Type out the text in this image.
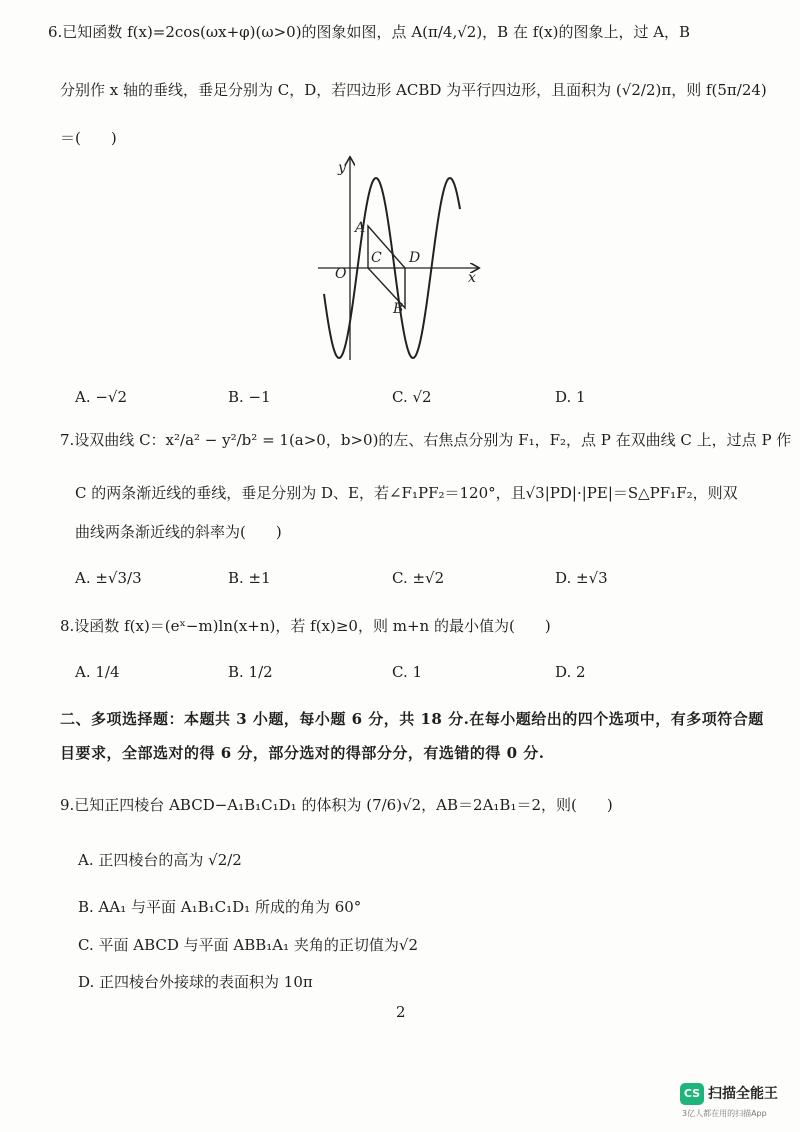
6.已知函数 f(x)=2cos(ωx+φ)(ω>0)的图象如图，点 A(π/4,√2)，B 在 f(x)的图象上，过 A，B
分别作 x 轴的垂线，垂足分别为 C，D，若四边形 ACBD 为平行四边形，且面积为 (√2/2)π，则 f(5π/24)
＝(　　)
y
x
O
A
C D
B
A. −√2	B. −1	C. √2	D. 1
7.设双曲线 C：x²/a² − y²/b² = 1(a>0，b>0)的左、右焦点分别为 F₁，F₂，点 P 在双曲线 C 上，过点 P 作
C 的两条渐近线的垂线，垂足分别为 D、E，若∠F₁PF₂＝120°，且√3|PD|·|PE|＝S△PF₁F₂，则双
曲线两条渐近线的斜率为(　　)
A. ±√3/3	B. ±1	C. ±√2	D. ±√3
8.设函数 f(x)＝(eˣ−m)ln(x+n)，若 f(x)≥0，则 m+n 的最小值为(　　)
A. 1/4	B. 1/2	C. 1	D. 2
二、多项选择题：本题共 3 小题，每小题 6 分，共 18 分.在每小题给出的四个选项中，有多项符合题
目要求，全部选对的得 6 分，部分选对的得部分分，有选错的得 0 分.
9.已知正四棱台 ABCD−A₁B₁C₁D₁ 的体积为 (7/6)√2，AB＝2A₁B₁＝2，则(　　)
A. 正四棱台的高为 √2/2
B. AA₁ 与平面 A₁B₁C₁D₁ 所成的角为 60°
C. 平面 ABCD 与平面 ABB₁A₁ 夹角的正切值为√2
D. 正四棱台外接球的表面积为 10π
2
CS 扫描全能王
3亿人都在用的扫描App
